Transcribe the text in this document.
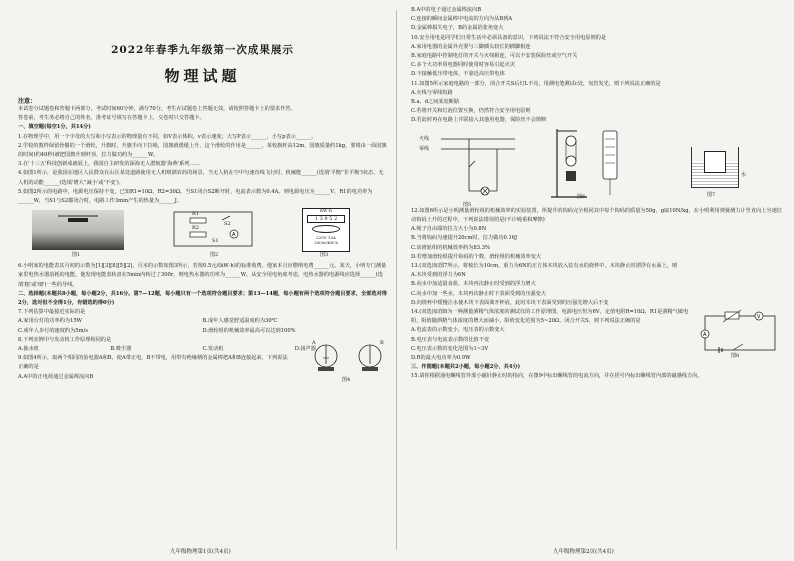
2022年春季九年级第一次成果展示
物理试题
注意：

本试卷分试题卷和答题卡两部分，考试时间60分钟，满分70分。考生在试题卷上答题无效，请按照答题卡上的要求作答。

答卷前，考生务必将自己的姓名、准考证号填写在答题卡上，交卷时只交答题卡。

一、填空题(每空1分，共14分)

1.在物理学中，用一个字母的大写和小写表示的物理量有不同，如V表示体积，v表示速度；大写P表示______，小写p表示______。

2.学校的教样保留骨骼的一个滑轮，升旗时，升旗手向下拉绳，国旗就缓缓上升，这个滑轮的作用是______，某校旗杆高12m，国旗质量约1kg，要将由一面国旗的时间(约40秒)被把国旗升到杆顶，拉力做功约为______W。

3.在'十三五'科技创新成就展上，我国自主研发的深海无人潜航器'海燕'系列……

4.如图1所示，是我国在地区人民群众在山区某处道路使用无人机喷洒农药的场景，当无人机在空中匀速直线飞行时，机械能______(选填'平衡''非平衡')状态，无人机的动能______(选填'增大''减小'或'不变')。

5.如图2所示的电路中，电源电压保持不变，已知R1=10Ω，R2=30Ω。当S1闭合S2断开时，电流表示数为0.4A，则电源电压为______V，R1的电功率为______W，当S1与S2都闭合时，电路工作3min产生的热量为______J。

图1
A
R1
R2
S2
S1
图2
kW·h
1 3 9 5 2
220V 10A
2000r/kW·h
图3

6.小明家的电能表其月初的示数为[1][3][8][5][2]，月末的示数如图3所示，若按0.5元/(kW·h)的标准收费，他家本月应缴纳电费______元。某天，小明专门测量家里电热水器消耗的电能，他发现电能表转盘在5min内转过了300r，则电热水器的功率为______W。从安全用电角度考虑，电热水器的电源线应选择______(选填'粗'或'细')一些的导线。

二、选择题(本题共8小题，每小题2分，共16分。第7—12题，每小题只有一个选项符合题目要求；第13—14题，每小题有两个选项符合题目要求，全部选对得2分，选对但不全得1分，有错选的得0分)

7.下列估算中最接近实际的是

A.家用台灯的功率约为15W	B.成年人感觉舒适温度约为30℃
C.成年人步行的速度约为5m/s	D.滑轮组的机械效率最高可以达到100%

8.下列实例中与发动机工作原理相同的是

A.抽水机	B.吸尘器	C.发动机	D.扬声器

9.如图4所示，取两个相同的验电器A和B，使A带正电，B不带电，用带有绝缘柄的金属棒把A和B连接起来，下列说法正确的是

A.A中的正电荷通过金属棒流向B

A	B
图4
九年级物理第1页(共4页)

B.A中的电子通过金属棒流向B

C.连接的瞬间金属棒中电流的方向为从B到A

D.金属棒损失电子，B的金属箔张角变大

10.安全用电是同学们日常生活中必须具备的意识，下列说法不符合安全用电原则的是

A.家用电器的金属外壳要与三脚插头较长的插脚相连

B.家庭电路中控制电灯的开关与火线相连，可以不安装保险丝或空气开关

C.多个大功率用电器同时使用时容易引起火灾

D.不接触低压带电体，不靠近高压带电体

11.如图5所示家庭电路的一部分，闭合开关S后灯L不亮，用测电笔测试c处，氖管发光，则下列说法正确的是

A.火线与零线短路

B.a、d之间某处断路

C.若将开关和灯泡位置互换，仍然符合安全用电原则

D.若此时再在电路上并联接入其他用电器，保险丝不会熔断

火线
零线
图5
图6
水
图7

12.如图6所示是小明测量滑轮组的机械效率的实验装置，所提升的钩码完全相同其中每个钩码的质量为50g，g取10N/kg，在小明利用弹簧测力计竖直向上匀速拉动钩码上升的过程中，下列说法错误的是(不计绳重和摩擦)

A.绳子自由端的拉力大小为0.8N

B.当将钩码匀速提升20cm时，拉力做功0.16J

C.该滑轮组的机械效率约为83.3%

D.若增加滑轮组提升钩码的个数，滑轮组的机械效率变大

13.(双选)如图7所示，将棱长为10cm，重力为6N的正方体木块放入装有水的烧杯中，木块静止时漂浮在水面上，则

A.木块受到的浮力为6N

B.向水中加适量食盐，木块再次静止时受到的浮力增大

C.向水中加一些水，木块再次静止时下表面受到的压强变大

D.向烧杯中缓慢注水使木块下表面离开杯底，此时木块下表面受到的压强先增大后不变

14.(双选)如图8为一种测量酒精气体浓度的测试仪的工作原理图，电源电压恒为6V，定值电阻R=10Ω，R1是酒精气敏电阻，阻值随酒精气体浓度的增大而减小，阻值变化范围为5~20Ω，闭合开关S，则下列说法正确的是

A.电流表的示数变小，电压表的示数变大

B.电压表与电流表示数的比值不变

C.电压表示数的变化范围为1~3V

D.R的最大电功率为0.9W

V
A
图8

三、作图题(本题共2小题，每小题2分，共4分)

15.请你根据通电螺线管外部小磁针静止时的指向，在图9中标出螺线管的电流方向，并在括号内标出螺线管内部的磁感线方向。

九年级物理第2页(共4页)
